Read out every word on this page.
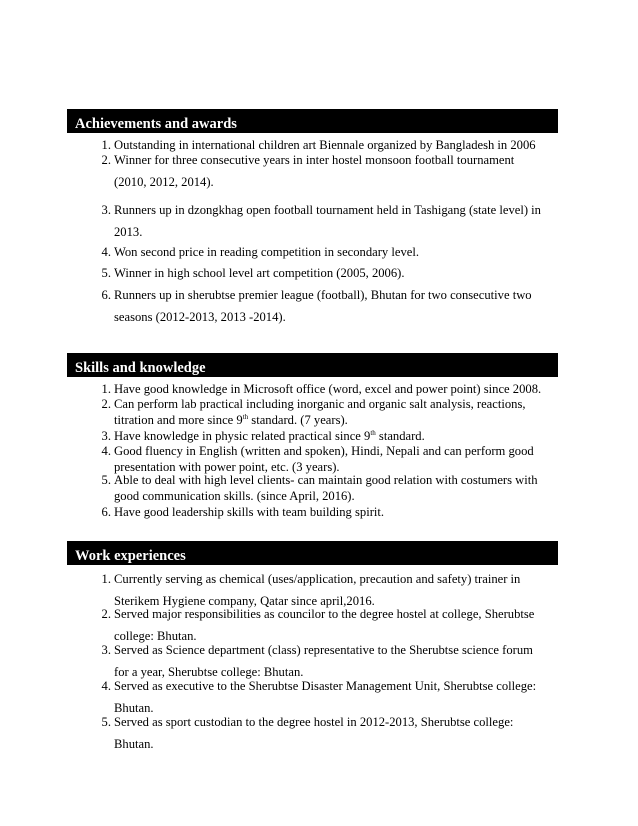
Achievements and awards
1. Outstanding in international children art Biennale organized by Bangladesh in 2006
2. Winner for three consecutive years in inter hostel monsoon football tournament
(2010, 2012, 2014).
3. Runners up in dzongkhag open football tournament held in Tashigang (state level) in
2013.
4. Won second price in reading competition in secondary level.
5. Winner in high school level art competition (2005, 2006).
6. Runners up in sherubtse premier league (football), Bhutan for two consecutive two
seasons (2012-2013, 2013 -2014).
Skills and knowledge
1. Have good knowledge in Microsoft office (word, excel and power point) since 2008.
2. Can perform lab practical including inorganic and organic salt analysis, reactions,
titration and more since 9th standard. (7 years).
3. Have knowledge in physic related practical since 9th standard.
4. Good fluency in English (written and spoken), Hindi, Nepali and can perform good
presentation with power point, etc. (3 years).
5. Able to deal with high level clients- can maintain good relation with costumers with
good communication skills. (since April, 2016).
6. Have good leadership skills with team building spirit.
Work experiences
1. Currently serving as chemical (uses/application, precaution and safety) trainer in
Sterikem Hygiene company, Qatar since april,2016.
2. Served major responsibilities as councilor to the degree hostel at college, Sherubtse
college: Bhutan.
3. Served as Science department (class) representative to the Sherubtse science forum
for a year, Sherubtse college: Bhutan.
4. Served as executive to the Sherubtse Disaster Management Unit, Sherubtse college:
Bhutan.
5. Served as sport custodian to the degree hostel in 2012-2013, Sherubtse college:
Bhutan.
